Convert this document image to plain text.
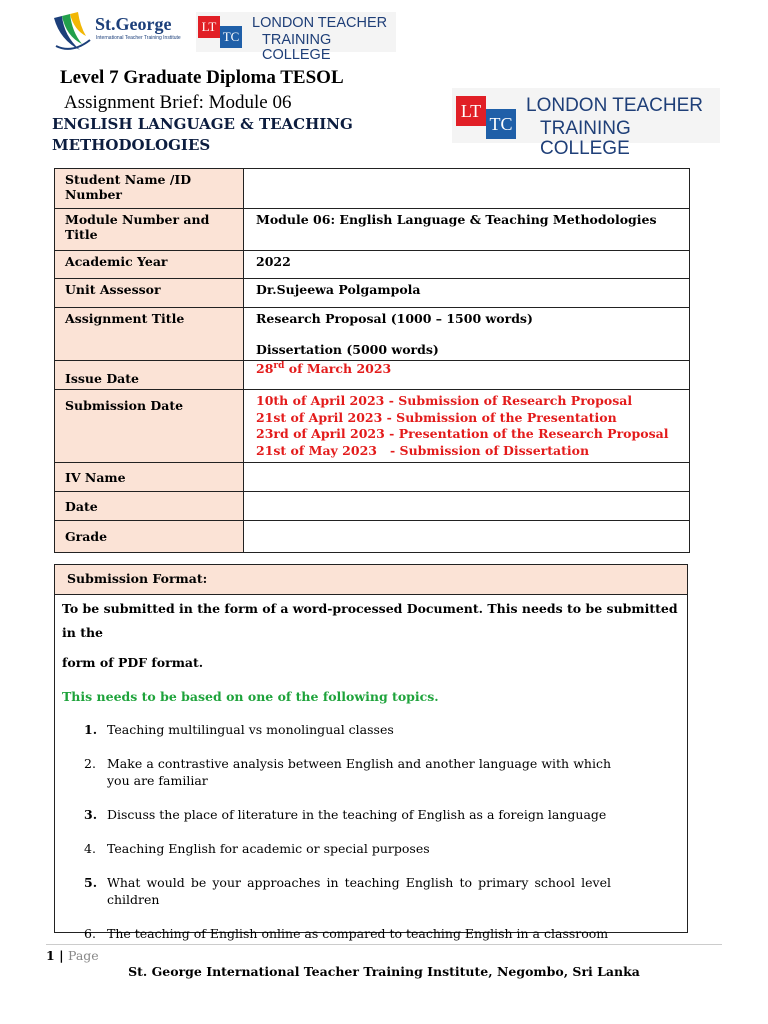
St.George
International Teacher Training Institute
LT
TC
LONDON TEACHER
TRAINING COLLEGE
Level 7 Graduate Diploma TESOL
Assignment Brief: Module 06
ENGLISH LANGUAGE & TEACHING
METHODOLOGIES
LT
TC
LONDON TEACHER
TRAINING COLLEGE
Student Name /ID Number	
Module Number and Title	Module 06: English Language & Teaching Methodologies
Academic Year	2022
Unit Assessor	Dr.Sujeewa Polgampola
Assignment Title	Research Proposal (1000 – 1500 words)
Dissertation (5000 words)

Issue Date	28rd of March 2023
Submission Date	10th of April 2023 - Submission of Research Proposal
21st of April 2023 - Submission of the Presentation
23rd of April 2023 - Presentation of the Research Proposal
21st of May 2023   - Submission of Dissertation

IV Name	
Date	
Grade	
Submission Format:

To be submitted in the form of a word-processed Document. This needs to be submitted in the

form of PDF format.

This needs to be based on one of the following topics.

1. Teaching multilingual vs monolingual classes
2. Make a contrastive analysis between English and another language with which you are familiar
3. Discuss the place of literature in the teaching of English as a foreign language
4. Teaching English for academic or special purposes
5. What would be your approaches in teaching English to primary school level children
6. The teaching of English online as compared to teaching English in a classroom
1 | Page
St. George International Teacher Training Institute, Negombo, Sri Lanka
